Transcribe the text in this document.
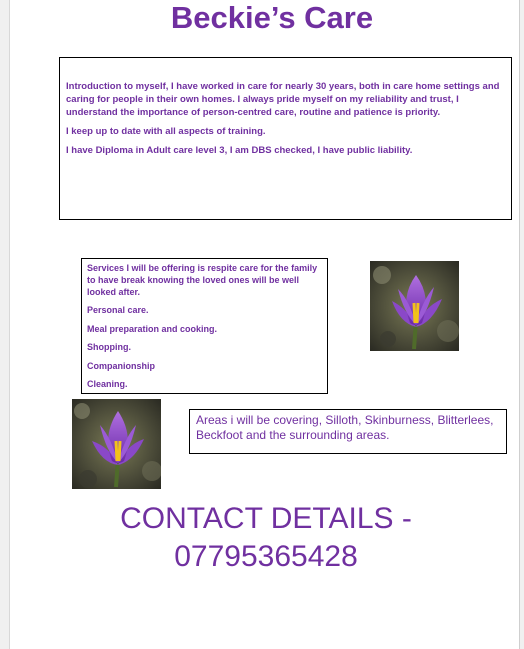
Beckie’s Care

Introduction to myself, I have worked in care for nearly 30 years, both in care home settings and caring for people in their own homes. I always pride myself on my reliability and trust, I understand the importance of person-centred care, routine and patience is priority.

I keep up to date with all aspects of training.

I have Diploma in Adult care level 3, I am DBS checked, I have public liability.

Services I will be offering is respite care for the family to have break knowing the loved ones will be well looked after.
Personal care.
Meal preparation and cooking.
Shopping.
Companionship
Cleaning.
Areas i will be covering, Silloth, Skinburness, Blitterlees, Beckfoot and the surrounding areas.
CONTACT DETAILS -
07795365428
